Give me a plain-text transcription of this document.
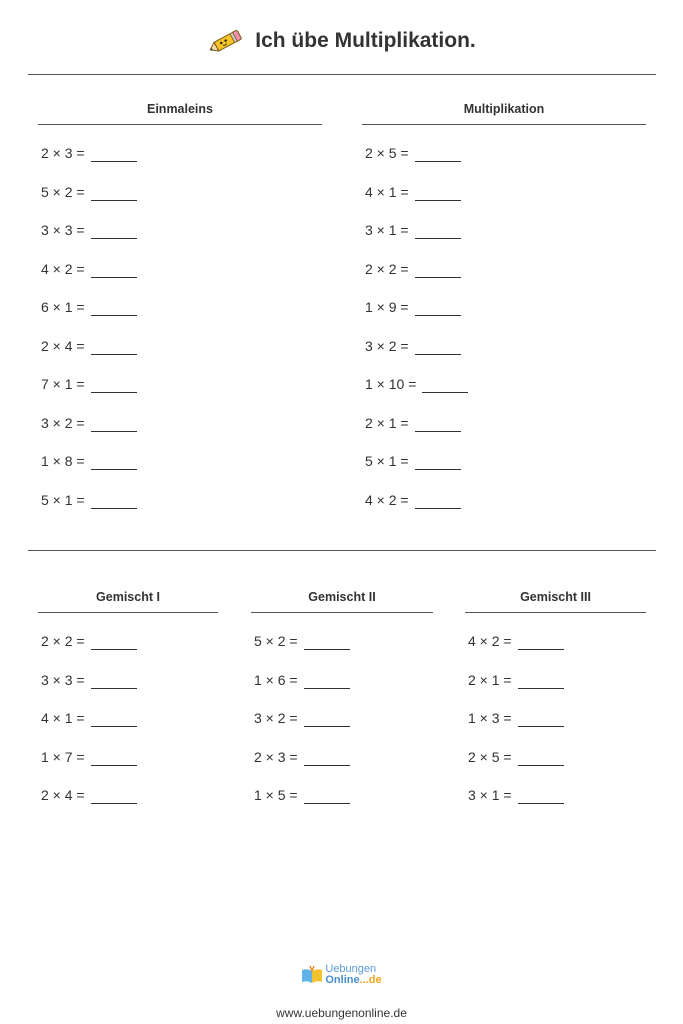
Ich übe Multiplikation.
Einmaleins
2 × 3 =
5 × 2 =
3 × 3 =
4 × 2 =
6 × 1 =
2 × 4 =
7 × 1 =
3 × 2 =
1 × 8 =
5 × 1 =
Multiplikation
2 × 5 =
4 × 1 =
3 × 1 =
2 × 2 =
1 × 9 =
3 × 2 =
1 × 10 =
2 × 1 =
5 × 1 =
4 × 2 =
Gemischt I
2 × 2 =
3 × 3 =
4 × 1 =
1 × 7 =
2 × 4 =
Gemischt II
5 × 2 =
1 × 6 =
3 × 2 =
2 × 3 =
1 × 5 =
Gemischt III
4 × 2 =
2 × 1 =
1 × 3 =
2 × 5 =
3 × 1 =
Uebungen
Online...de
www.uebungenonline.de
